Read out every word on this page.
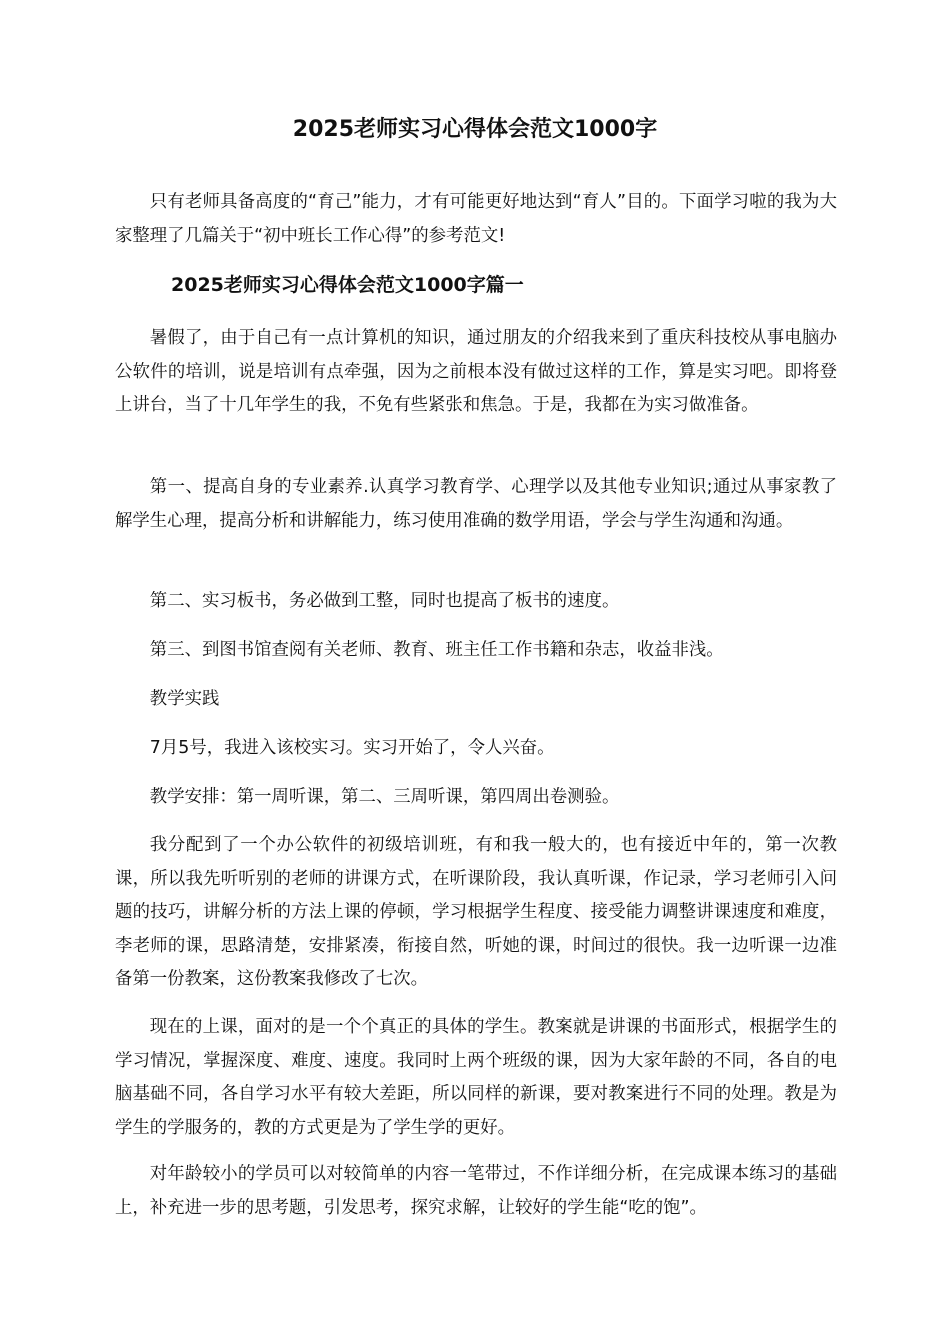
2025老师实习心得体会范文1000字

只有老师具备高度的“育己”能力，才有可能更好地达到“育人”目的。下面学习啦的我为大家整理了几篇关于“初中班长工作心得”的参考范文!

2025老师实习心得体会范文1000字篇一

暑假了，由于自己有一点计算机的知识，通过朋友的介绍我来到了重庆科技校从事电脑办公软件的培训，说是培训有点牵强，因为之前根本没有做过这样的工作，算是实习吧。即将登上讲台，当了十几年学生的我，不免有些紧张和焦急。于是，我都在为实习做准备。

第一、提高自身的专业素养.认真学习教育学、心理学以及其他专业知识;通过从事家教了解学生心理，提高分析和讲解能力，练习使用准确的数学用语，学会与学生沟通和沟通。

第二、实习板书，务必做到工整，同时也提高了板书的速度。

第三、到图书馆查阅有关老师、教育、班主任工作书籍和杂志，收益非浅。

教学实践

7月5号，我进入该校实习。实习开始了，令人兴奋。

教学安排：第一周听课，第二、三周听课，第四周出卷测验。

我分配到了一个办公软件的初级培训班，有和我一般大的，也有接近中年的，第一次教课，所以我先听听别的老师的讲课方式，在听课阶段，我认真听课，作记录，学习老师引入问题的技巧，讲解分析的方法上课的停顿，学习根据学生程度、接受能力调整讲课速度和难度，李老师的课，思路清楚，安排紧凑，衔接自然，听她的课，时间过的很快。我一边听课一边准备第一份教案，这份教案我修改了七次。

现在的上课，面对的是一个个真正的具体的学生。教案就是讲课的书面形式，根据学生的学习情况，掌握深度、难度、速度。我同时上两个班级的课，因为大家年龄的不同，各自的电脑基础不同，各自学习水平有较大差距，所以同样的新课，要对教案进行不同的处理。教是为学生的学服务的，教的方式更是为了学生学的更好。

对年龄较小的学员可以对较简单的内容一笔带过，不作详细分析，在完成课本练习的基础上，补充进一步的思考题，引发思考，探究求解，让较好的学生能“吃的饱”。
